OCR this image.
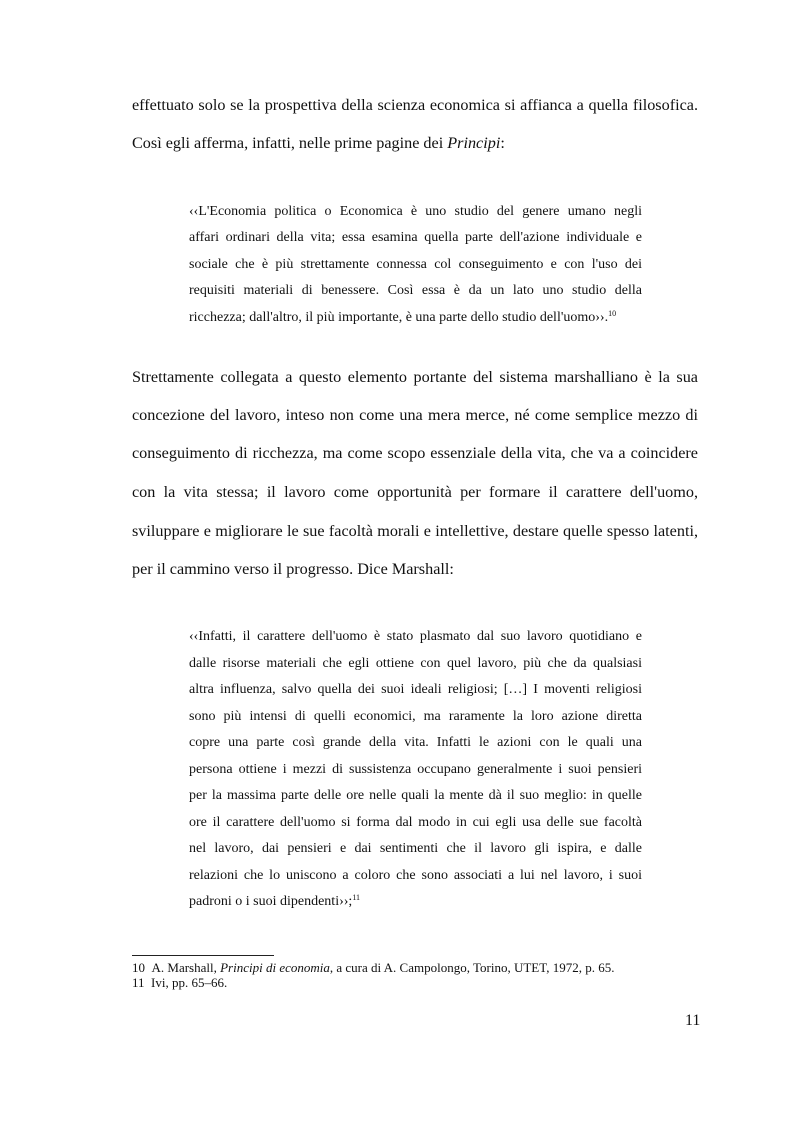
effettuato solo se la prospettiva della scienza economica si affianca a quella filosofica.
Così egli afferma, infatti, nelle prime pagine dei Principi:
‹‹L'Economia politica o Economica è uno studio del genere umano negli
affari ordinari della vita; essa esamina quella parte dell'azione individuale e
sociale che è più strettamente connessa col conseguimento e con l'uso dei
requisiti materiali di benessere. Così essa è da un lato uno studio della
ricchezza; dall'altro, il più importante, è una parte dello studio dell'uomo››.$^{10}$
Strettamente collegata a questo elemento portante del sistema marshalliano è la sua
concezione del lavoro, inteso non come una mera merce, né come semplice mezzo di
conseguimento di ricchezza, ma come scopo essenziale della vita, che va a coincidere
con la vita stessa; il lavoro come opportunità per formare il carattere dell'uomo,
sviluppare e migliorare le sue facoltà morali e intellettive, destare quelle spesso latenti,
per il cammino verso il progresso. Dice Marshall:
‹‹Infatti, il carattere dell'uomo è stato plasmato dal suo lavoro quotidiano e
dalle risorse materiali che egli ottiene con quel lavoro, più che da qualsiasi
altra influenza, salvo quella dei suoi ideali religiosi; […] I moventi religiosi
sono più intensi di quelli economici, ma raramente la loro azione diretta
copre una parte così grande della vita. Infatti le azioni con le quali una
persona ottiene i mezzi di sussistenza occupano generalmente i suoi pensieri
per la massima parte delle ore nelle quali la mente dà il suo meglio: in quelle
ore il carattere dell'uomo si forma dal modo in cui egli usa delle sue facoltà
nel lavoro, dai pensieri e dai sentimenti che il lavoro gli ispira, e dalle
relazioni che lo uniscono a coloro che sono associati a lui nel lavoro, i suoi
padroni o i suoi dipendenti››;$^{11}$
10 A. Marshall, Principi di economia, a cura di A. Campolongo, Torino, UTET, 1972, p. 65.
11 Ivi, pp. 65–66.
11
